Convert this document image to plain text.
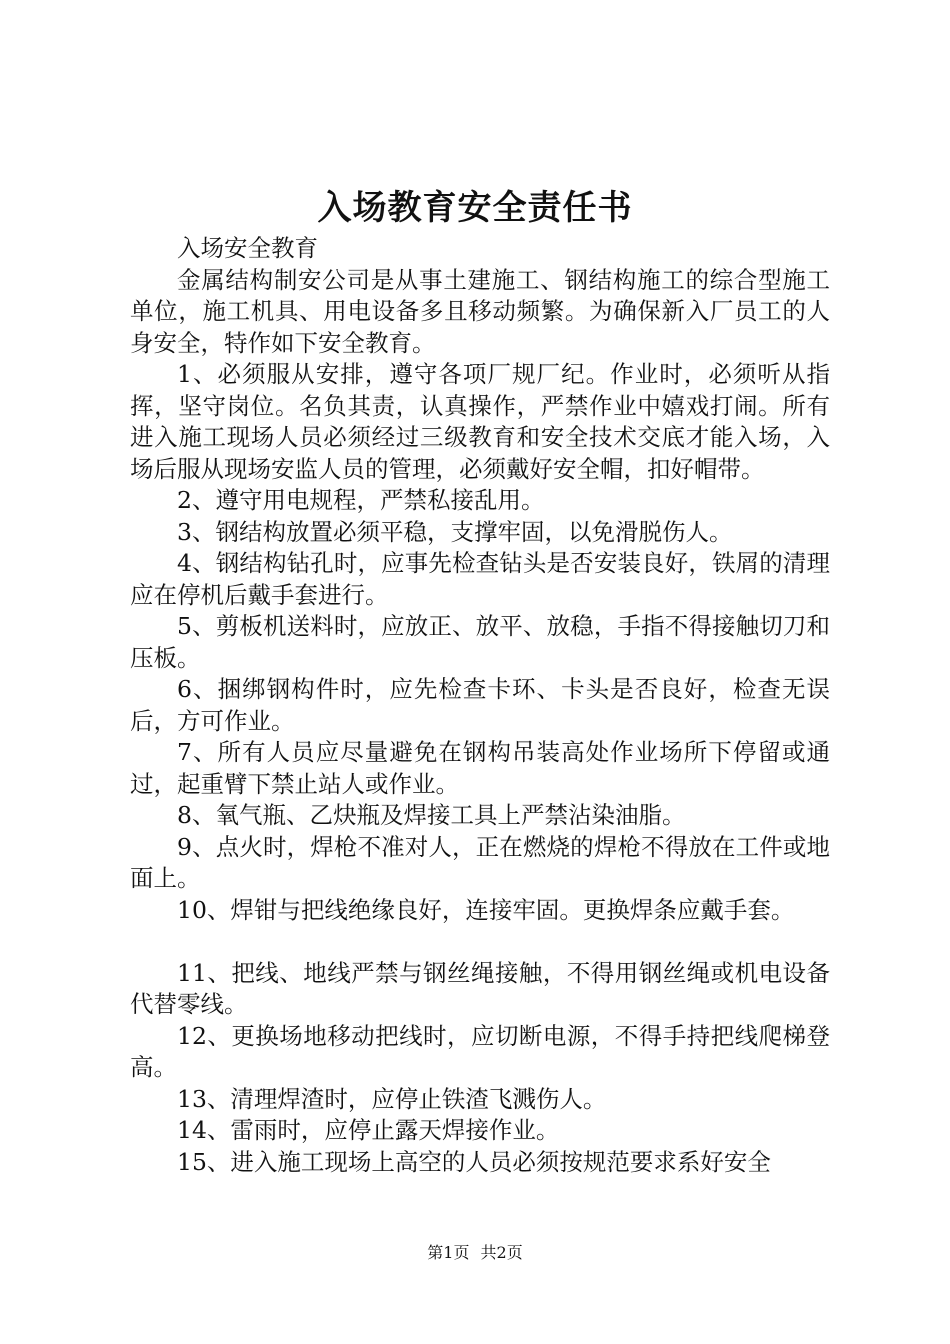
入场教育安全责任书

入场安全教育

金属结构制安公司是从事土建施工、钢结构施工的综合型施工单位，施工机具、用电设备多且移动频繁。为确保新入厂员工的人身安全，特作如下安全教育。

1、必须服从安排，遵守各项厂规厂纪。作业时，必须听从指挥，坚守岗位。名负其责，认真操作，严禁作业中嬉戏打闹。所有进入施工现场人员必须经过三级教育和安全技术交底才能入场，入场后服从现场安监人员的管理，必须戴好安全帽，扣好帽带。

2、遵守用电规程，严禁私接乱用。

3、钢结构放置必须平稳，支撑牢固，以免滑脱伤人。

4、钢结构钻孔时，应事先检查钻头是否安装良好，铁屑的清理应在停机后戴手套进行。

5、剪板机送料时，应放正、放平、放稳，手指不得接触切刀和压板。

6、捆绑钢构件时，应先检查卡环、卡头是否良好，检查无误后，方可作业。

7、所有人员应尽量避免在钢构吊装高处作业场所下停留或通过，起重臂下禁止站人或作业。

8、氧气瓶、乙炔瓶及焊接工具上严禁沾染油脂。

9、点火时，焊枪不准对人，正在燃烧的焊枪不得放在工件或地面上。

10、焊钳与把线绝缘良好，连接牢固。更换焊条应戴手套。

11、把线、地线严禁与钢丝绳接触，不得用钢丝绳或机电设备代替零线。

12、更换场地移动把线时，应切断电源，不得手持把线爬梯登高。

13、清理焊渣时，应停止铁渣飞溅伤人。

14、雷雨时，应停止露天焊接作业。

15、进入施工现场上高空的人员必须按规范要求系好安全

第1页 共2页
